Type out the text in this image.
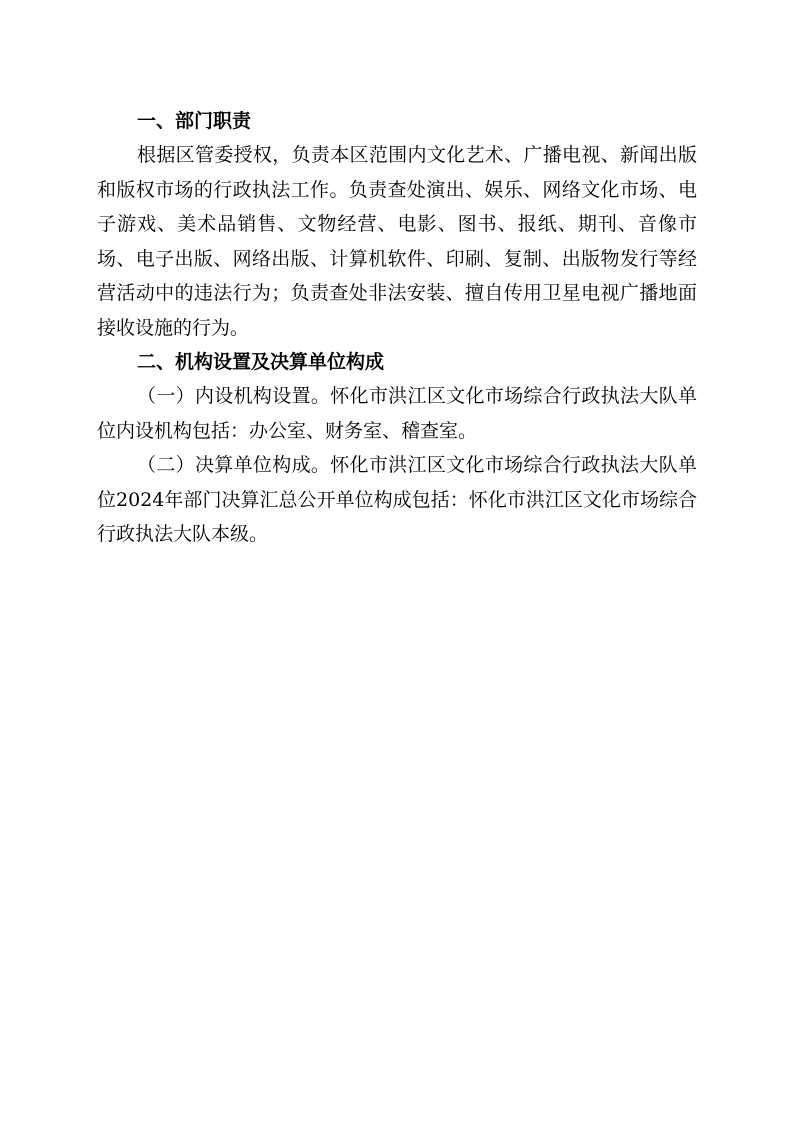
一、部门职责

根据区管委授权，负责本区范围内文化艺术、广播电视、新闻出版和版权市场的行政执法工作。负责查处演出、娱乐、网络文化市场、电子游戏、美术品销售、文物经营、电影、图书、报纸、期刊、音像市场、电子出版、网络出版、计算机软件、印刷、复制、出版物发行等经营活动中的违法行为；负责查处非法安装、擅自传用卫星电视广播地面接收设施的行为。

二、机构设置及决算单位构成

（一）内设机构设置。怀化市洪江区文化市场综合行政执法大队单位内设机构包括：办公室、财务室、稽查室。

（二）决算单位构成。怀化市洪江区文化市场综合行政执法大队单位2024年部门决算汇总公开单位构成包括：怀化市洪江区文化市场综合行政执法大队本级。
